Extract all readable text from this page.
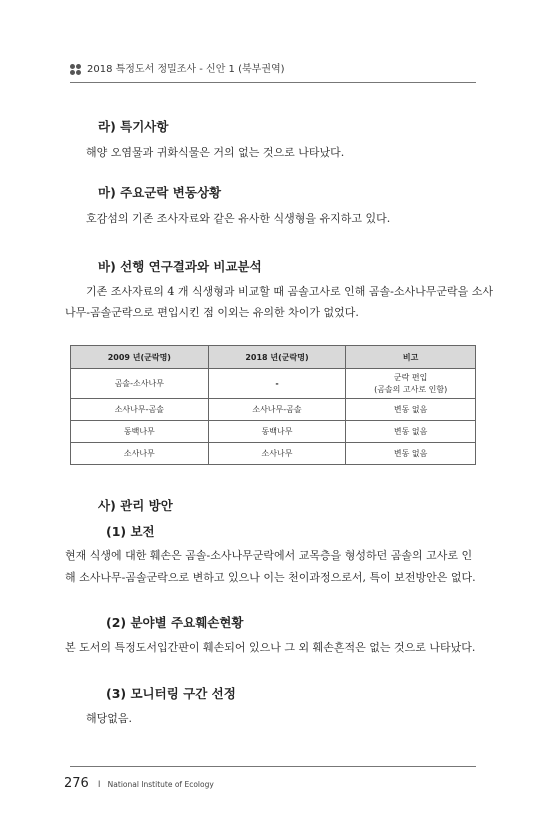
2018 특정도서 정밀조사 - 신안 1 (북부권역)
라) 특기사항

해양 오염물과 귀화식물은 거의 없는 것으로 나타났다.

마) 주요군락 변동상황

호감섬의 기존 조사자료와 같은 유사한 식생형을 유지하고 있다.

바) 선행 연구결과와 비교분석

기존 조사자료의 4 개 식생형과 비교할 때 곰솔고사로 인해 곰솔-소사나무군락을 소사

나무-곰솔군락으로 편입시킨 점 이외는 유의한 차이가 없었다.

2009 년(군락명)	2018 년(군락명)	비고
곰솔-소사나무	-	군락 편입
(곰솔의 고사로 인함)

소사나무-곰솔	소사나무-곰솔	변동 없음
동백나무	동백나무	변동 없음
소사나무	소사나무	변동 없음
사) 관리 방안
(1) 보전

현재 식생에 대한 훼손은 곰솔-소사나무군락에서 교목층을 형성하던 곰솔의 고사로 인

해 소사나무-곰솔군락으로 변하고 있으나 이는 천이과정으로서, 특이 보전방안은 없다.

(2) 분야별 주요훼손현황

본 도서의 특정도서입간판이 훼손되어 있으나 그 외 훼손흔적은 없는 것으로 나타났다.

(3) 모니터링 구간 선정

해당없음.

276 I National Institute of Ecology
